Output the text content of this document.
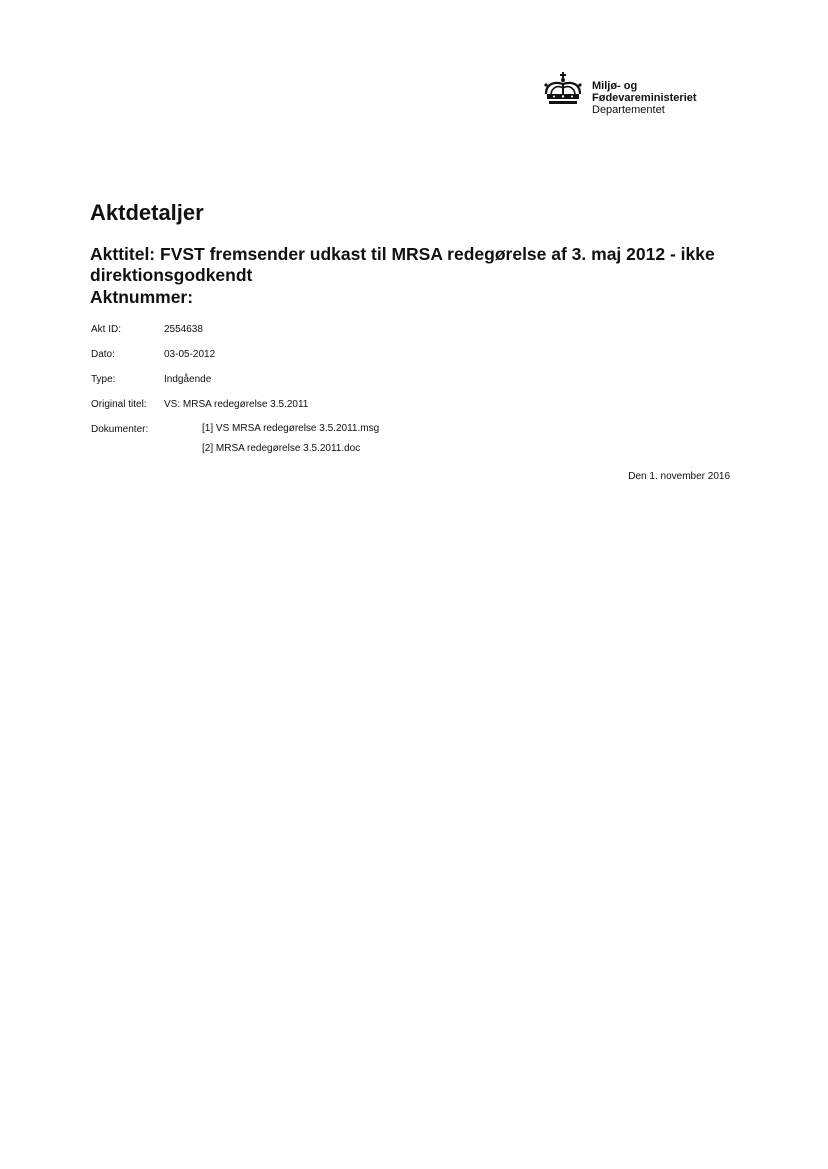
Miljø- og
Fødevareministeriet
Departementet
Aktdetaljer
Akttitel: FVST fremsender udkast til MRSA redegørelse af 3. maj 2012 - ikke direktionsgodkendt
Aktnummer:
Akt ID:	2554638
Dato:	03-05-2012
Type:	Indgående
Original titel:	VS: MRSA redegørelse 3.5.2011
Dokumenter:	[1] VS MRSA redegørelse 3.5.2011.msg
[2] MRSA redegørelse 3.5.2011.doc
Den 1. november 2016
